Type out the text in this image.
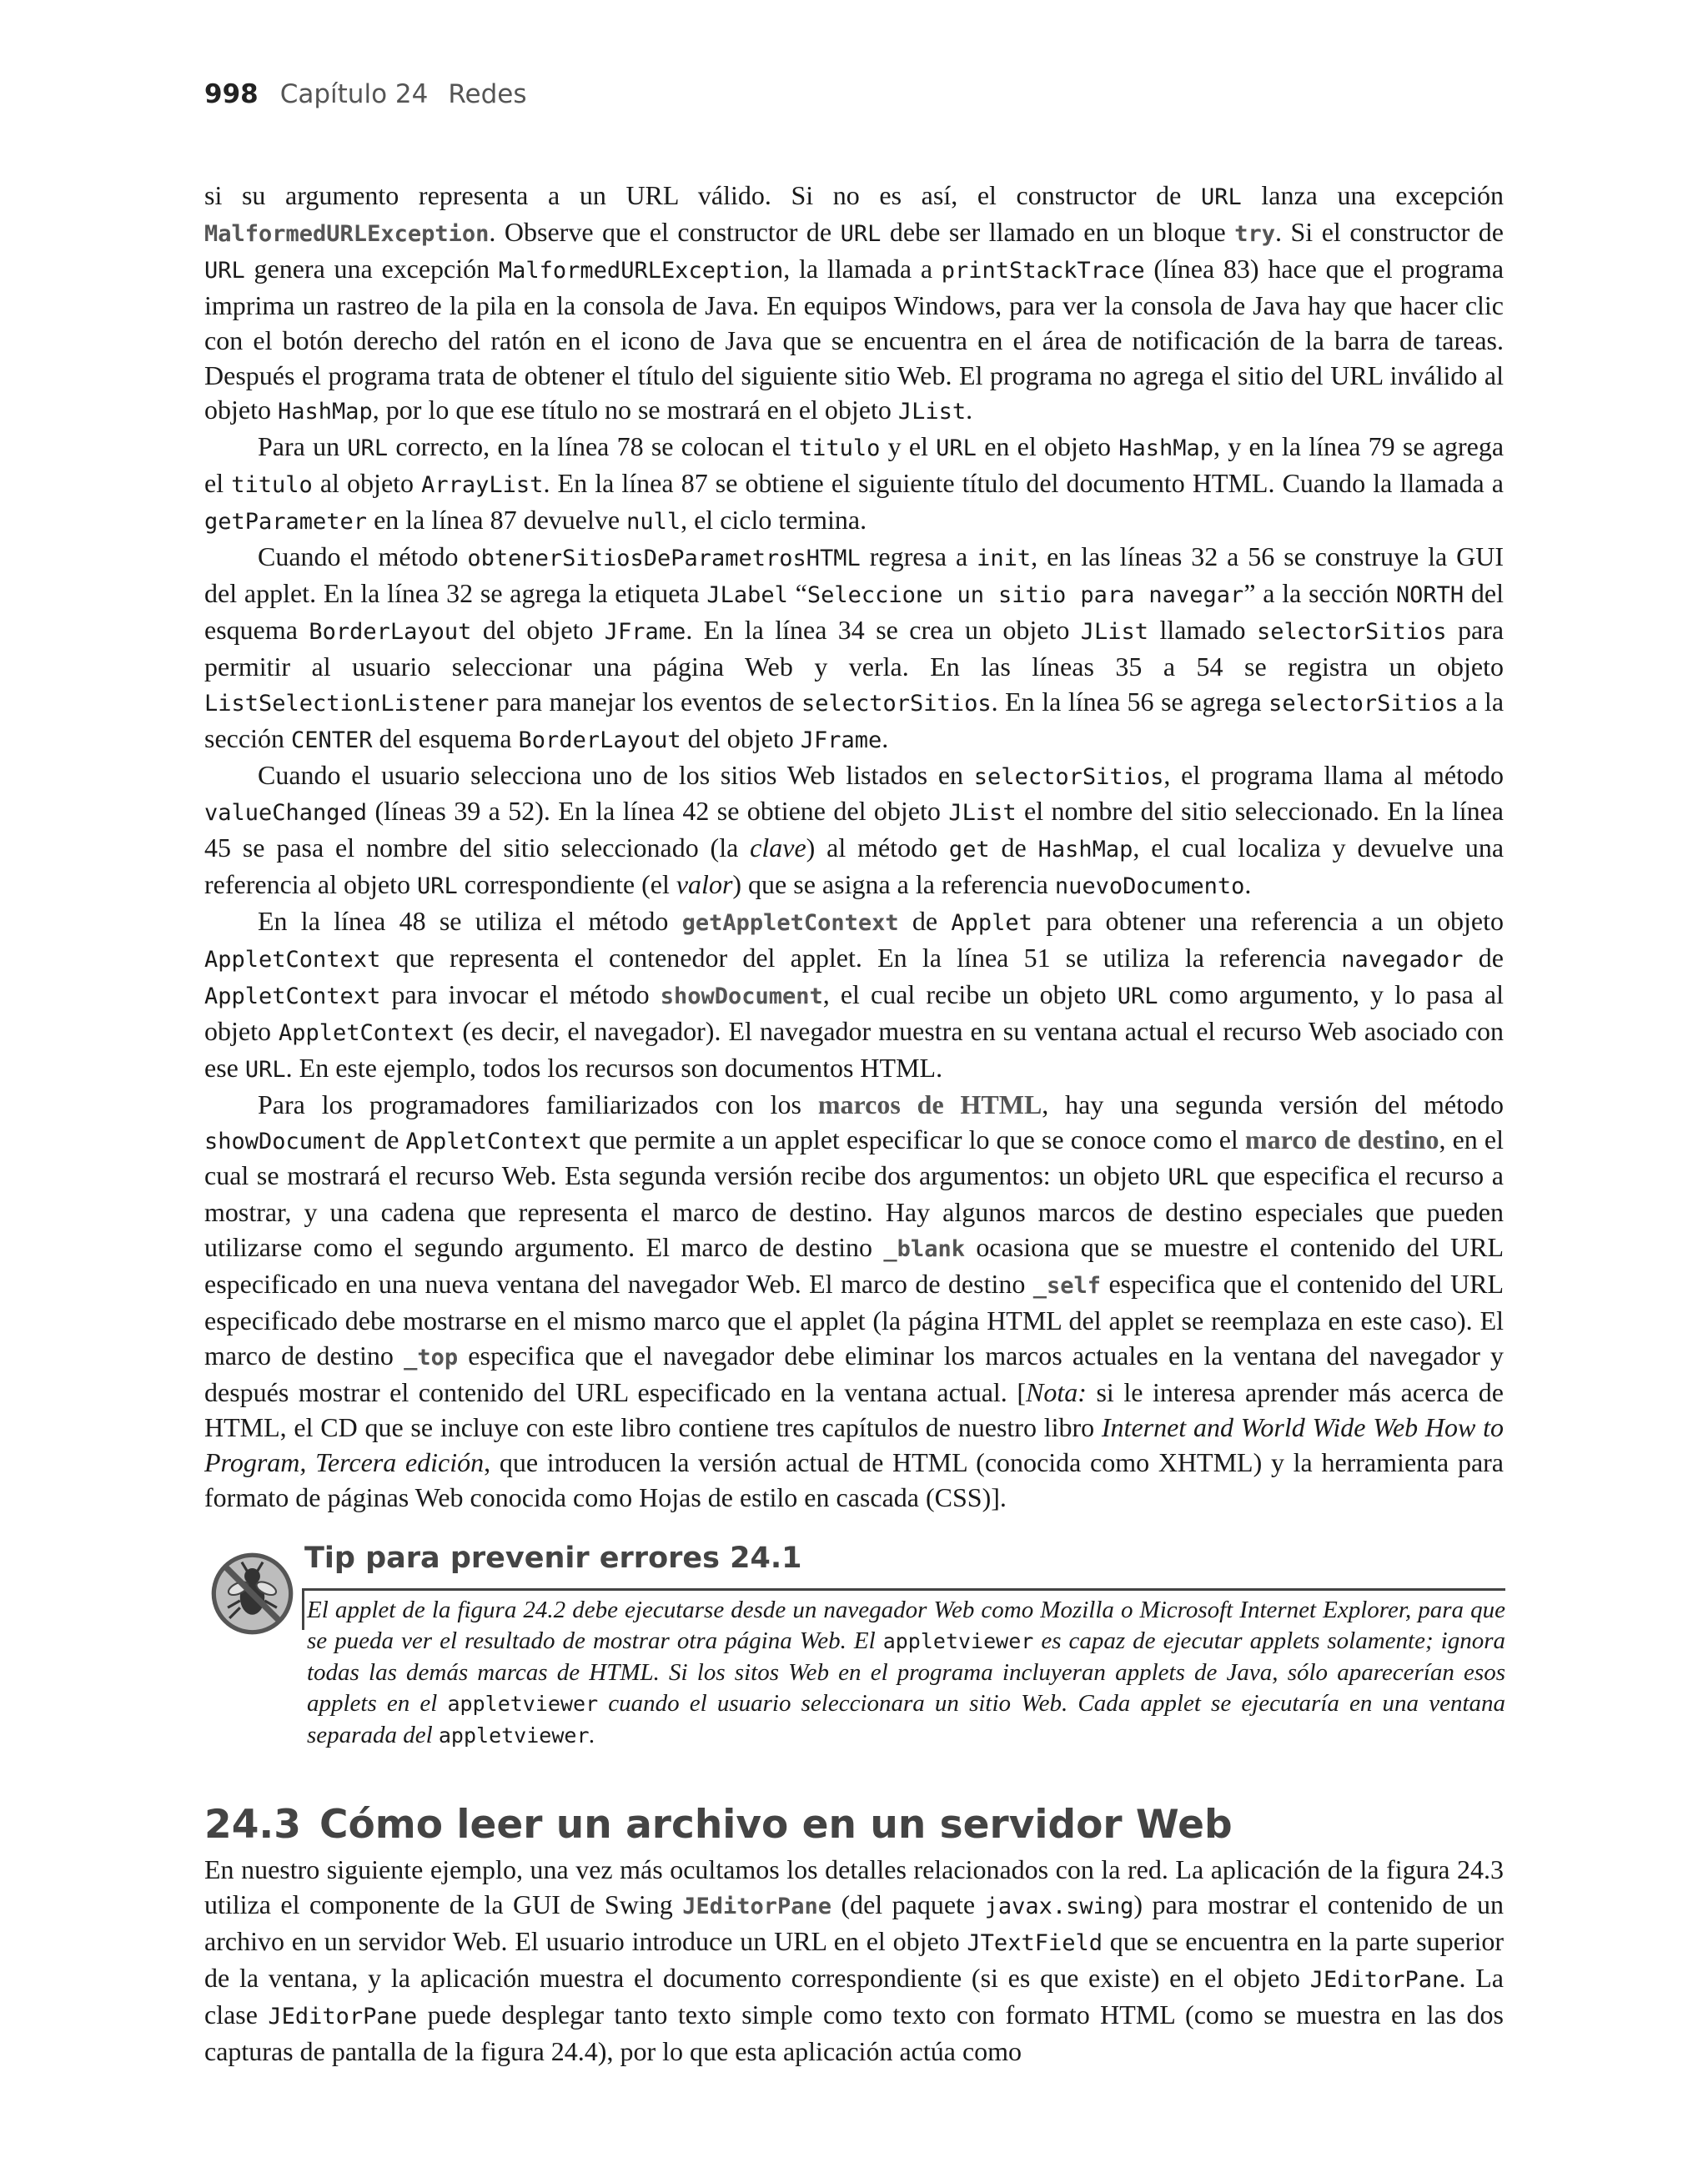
998 Capítulo 24 Redes

si su argumento representa a un URL válido. Si no es así, el constructor de URL lanza una excepción MalformedURLException. Observe que el constructor de URL debe ser llamado en un bloque try. Si el constructor de URL genera una excepción MalformedURLException, la llamada a printStackTrace (línea 83) hace que el programa imprima un rastreo de la pila en la consola de Java. En equipos Windows, para ver la consola de Java hay que hacer clic con el botón derecho del ratón en el icono de Java que se encuentra en el área de notificación de la barra de tareas. Después el programa trata de obtener el título del siguiente sitio Web. El programa no agrega el sitio del URL inválido al objeto HashMap, por lo que ese título no se mostrará en el objeto JList.

Para un URL correcto, en la línea 78 se colocan el titulo y el URL en el objeto HashMap, y en la línea 79 se agrega el titulo al objeto ArrayList. En la línea 87 se obtiene el siguiente título del documento HTML. Cuando la llamada a getParameter en la línea 87 devuelve null, el ciclo termina.

Cuando el método obtenerSitiosDeParametrosHTML regresa a init, en las líneas 32 a 56 se construye la GUI del applet. En la línea 32 se agrega la etiqueta JLabel “Seleccione un sitio para navegar” a la sección NORTH del esquema BorderLayout del objeto JFrame. En la línea 34 se crea un objeto JList llamado selectorSitios para permitir al usuario seleccionar una página Web y verla. En las líneas 35 a 54 se registra un objeto ListSelectionListener para manejar los eventos de selectorSitios. En la línea 56 se agrega selectorSitios a la sección CENTER del esquema BorderLayout del objeto JFrame.

Cuando el usuario selecciona uno de los sitios Web listados en selectorSitios, el programa llama al método valueChanged (líneas 39 a 52). En la línea 42 se obtiene del objeto JList el nombre del sitio seleccionado. En la línea 45 se pasa el nombre del sitio seleccionado (la clave) al método get de HashMap, el cual localiza y devuelve una referencia al objeto URL correspondiente (el valor) que se asigna a la referencia nuevoDocumento.

En la línea 48 se utiliza el método getAppletContext de Applet para obtener una referencia a un objeto AppletContext que representa el contenedor del applet. En la línea 51 se utiliza la referencia navegador de AppletContext para invocar el método showDocument, el cual recibe un objeto URL como argumento, y lo pasa al objeto AppletContext (es decir, el navegador). El navegador muestra en su ventana actual el recurso Web asociado con ese URL. En este ejemplo, todos los recursos son documentos HTML.

Para los programadores familiarizados con los marcos de HTML, hay una segunda versión del método showDocument de AppletContext que permite a un applet especificar lo que se conoce como el marco de destino, en el cual se mostrará el recurso Web. Esta segunda versión recibe dos argumentos: un objeto URL que especifica el recurso a mostrar, y una cadena que representa el marco de destino. Hay algunos marcos de destino especiales que pueden utilizarse como el segundo argumento. El marco de destino _blank ocasiona que se muestre el contenido del URL especificado en una nueva ventana del navegador Web. El marco de destino _self especifica que el contenido del URL especificado debe mostrarse en el mismo marco que el applet (la página HTML del applet se reemplaza en este caso). El marco de destino _top especifica que el navegador debe eliminar los marcos actuales en la ventana del navegador y después mostrar el contenido del URL especificado en la ventana actual. [Nota: si le interesa aprender más acerca de HTML, el CD que se incluye con este libro contiene tres capítulos de nuestro libro Internet and World Wide Web How to Program, Tercera edición, que introducen la versión actual de HTML (conocida como XHTML) y la herramienta para formato de páginas Web conocida como Hojas de estilo en cascada (CSS)].

Tip para prevenir errores 24.1
El applet de la figura 24.2 debe ejecutarse desde un navegador Web como Mozilla o Microsoft Internet Explorer, para que se pueda ver el resultado de mostrar otra página Web. El appletviewer es capaz de ejecutar applets solamente; ignora todas las demás marcas de HTML. Si los sitos Web en el programa incluyeran applets de Java, sólo aparecerían esos applets en el appletviewer cuando el usuario seleccionara un sitio Web. Cada applet se ejecutaría en una ventana separada del appletviewer.
24.3 Cómo leer un archivo en un servidor Web

En nuestro siguiente ejemplo, una vez más ocultamos los detalles relacionados con la red. La aplicación de la figura 24.3 utiliza el componente de la GUI de Swing JEditorPane (del paquete javax.swing) para mostrar el contenido de un archivo en un servidor Web. El usuario introduce un URL en el objeto JTextField que se encuentra en la parte superior de la ventana, y la aplicación muestra el documento correspondiente (si es que existe) en el objeto JEditorPane. La clase JEditorPane puede desplegar tanto texto simple como texto con formato HTML (como se muestra en las dos capturas de pantalla de la figura 24.4), por lo que esta aplicación actúa como
